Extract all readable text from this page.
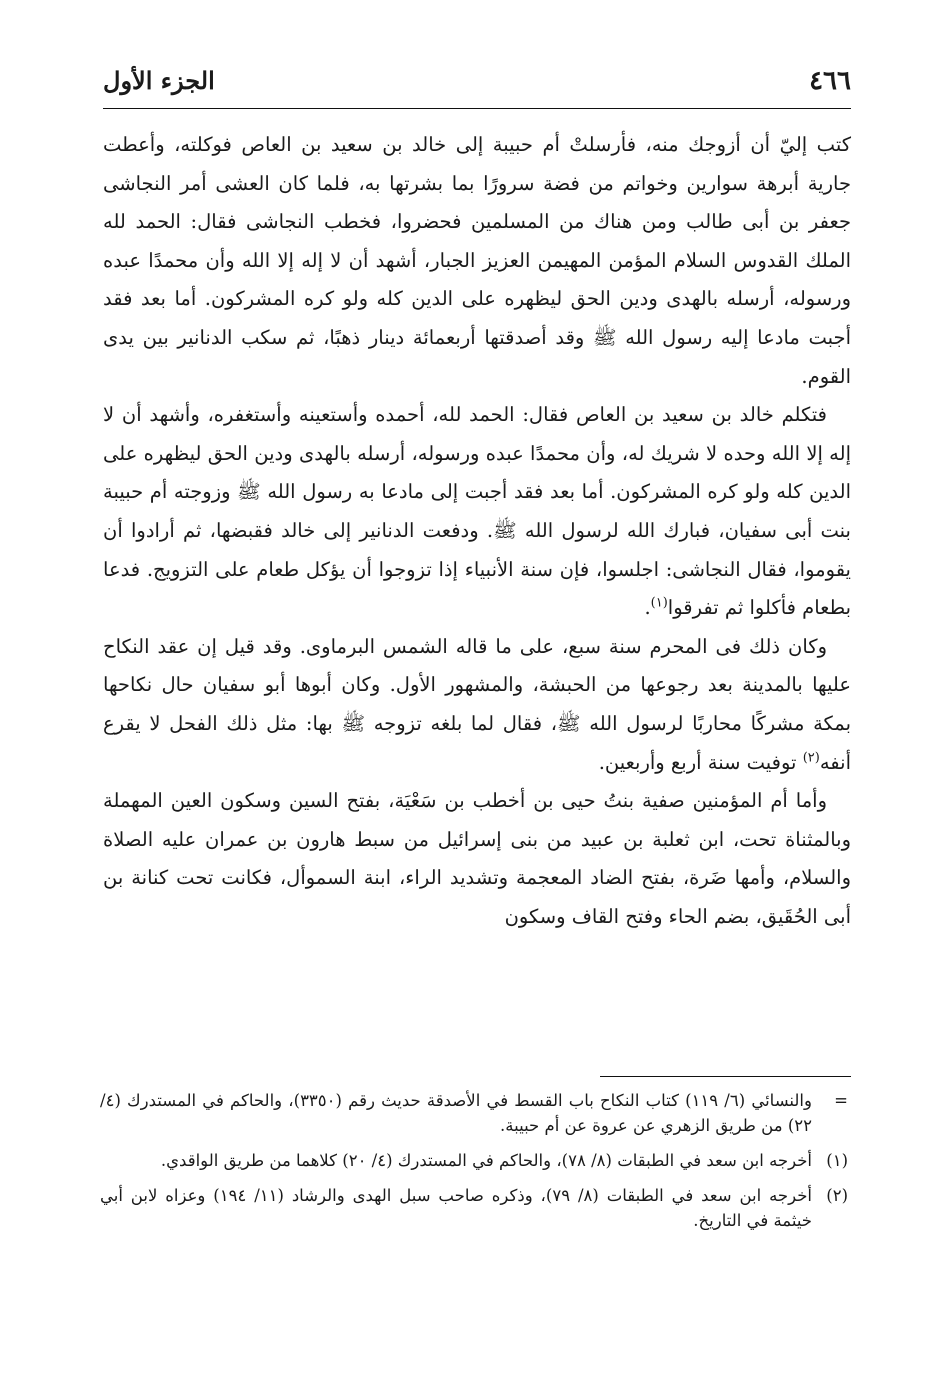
٤٦٦
الجزء الأول

كتب إليّ أن أزوجك منه، فأرسلتْ أم حبيبة إلى خالد بن سعيد بن العاص فوكلته، وأعطت جارية أبرهة سوارين وخواتم من فضة سرورًا بما بشرتها به، فلما كان العشى أمر النجاشى جعفر بن أبى طالب ومن هناك من المسلمين فحضروا، فخطب النجاشى فقال: الحمد لله الملك القدوس السلام المؤمن المهيمن العزيز الجبار، أشهد أن لا إله إلا الله وأن محمدًا عبده ورسوله، أرسله بالهدى ودين الحق ليظهره على الدين كله ولو كره المشركون. أما بعد فقد أجبت مادعا إليه رسول الله ﷺ وقد أصدقتها أربعمائة دينار ذهبًا، ثم سكب الدنانير بين يدى القوم.

فتكلم خالد بن سعيد بن العاص فقال: الحمد لله، أحمده وأستعينه وأستغفره، وأشهد أن لا إله إلا الله وحده لا شريك له، وأن محمدًا عبده ورسوله، أرسله بالهدى ودين الحق ليظهره على الدين كله ولو كره المشركون. أما بعد فقد أجبت إلى مادعا به رسول الله ﷺ وزوجته أم حبيبة بنت أبى سفيان، فبارك الله لرسول الله ﷺ. ودفعت الدنانير إلى خالد فقبضها، ثم أرادوا أن يقوموا، فقال النجاشى: اجلسوا، فإن سنة الأنبياء إذا تزوجوا أن يؤكل طعام على التزويج. فدعا بطعام فأكلوا ثم تفرقوا$^{(١)}$.

وكان ذلك فى المحرم سنة سبع، على ما قاله الشمس البرماوى. وقد قيل إن عقد النكاح عليها بالمدينة بعد رجوعها من الحبشة، والمشهور الأول. وكان أبوها أبو سفيان حال نكاحها بمكة مشركًا محاربًا لرسول الله ﷺ، فقال لما بلغه تزوجه ﷺ بها: مثل ذلك الفحل لا يقرع أنفه$^{(٢)}$ توفيت سنة أربع وأربعين.

وأما أم المؤمنين صفية بنتُ حيى بن أخطب بن سَعْيَة، بفتح السين وسكون العين المهملة وبالمثناة تحت، ابن ثعلبة بن عبيد من بنى إسرائيل من سبط هارون بن عمران عليه الصلاة والسلام، وأمها ضَرة، بفتح الضاد المعجمة وتشديد الراء، ابنة السموأل، فكانت تحت كنانة بن أبى الحُقَيق، بضم الحاء وفتح القاف وسكون

=
والنسائي (٦/ ١١٩) كتاب النكاح باب القسط في الأصدقة حديث رقم (٣٣٥٠)، والحاكم في المستدرك (٤/ ٢٢) من طريق الزهري عن عروة عن أم حبيبة.
(١)
أخرجه ابن سعد في الطبقات (٨/ ٧٨)، والحاكم في المستدرك (٤/ ٢٠) كلاهما من طريق الواقدي.
(٢)
أخرجه ابن سعد في الطبقات (٨/ ٧٩)، وذكره صاحب سبل الهدى والرشاد (١١/ ١٩٤) وعزاه لابن أبي خيثمة في التاريخ.
